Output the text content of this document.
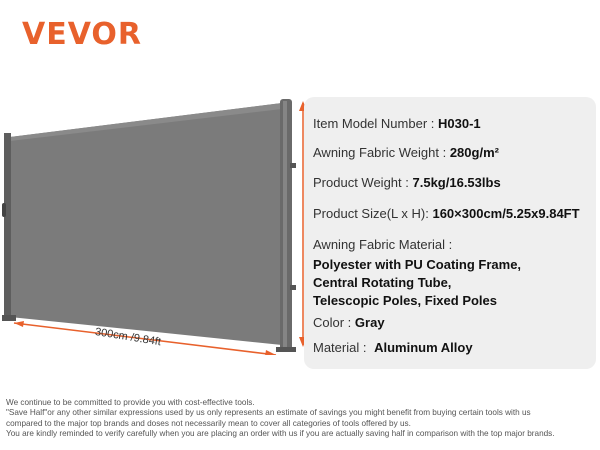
VEVOR
300cm /9.84ft
Item Model Number : H030-1
Awning Fabric Weight : 280g/m²
Product Weight : 7.5kg/16.53lbs
Product Size(L x H): 160×300cm/5.25x9.84FT
Awning Fabric Material :
Polyester with PU Coating Frame,
Central Rotating Tube,
Telescopic Poles, Fixed Poles
Color : Gray
Material : Aluminum Alloy
We continue to be committed to provide you with cost-effective tools.
"Save Half"or any other similar expressions used by us only represents an estimate of savings you might benefit from buying certain tools with us
compared to the major top brands and doses not necessarily mean to cover all categories of tools offered by us.
You are kindly reminded to verify carefully when you are placing an order with us if you are actually saving half in comparison with the top major brands.
